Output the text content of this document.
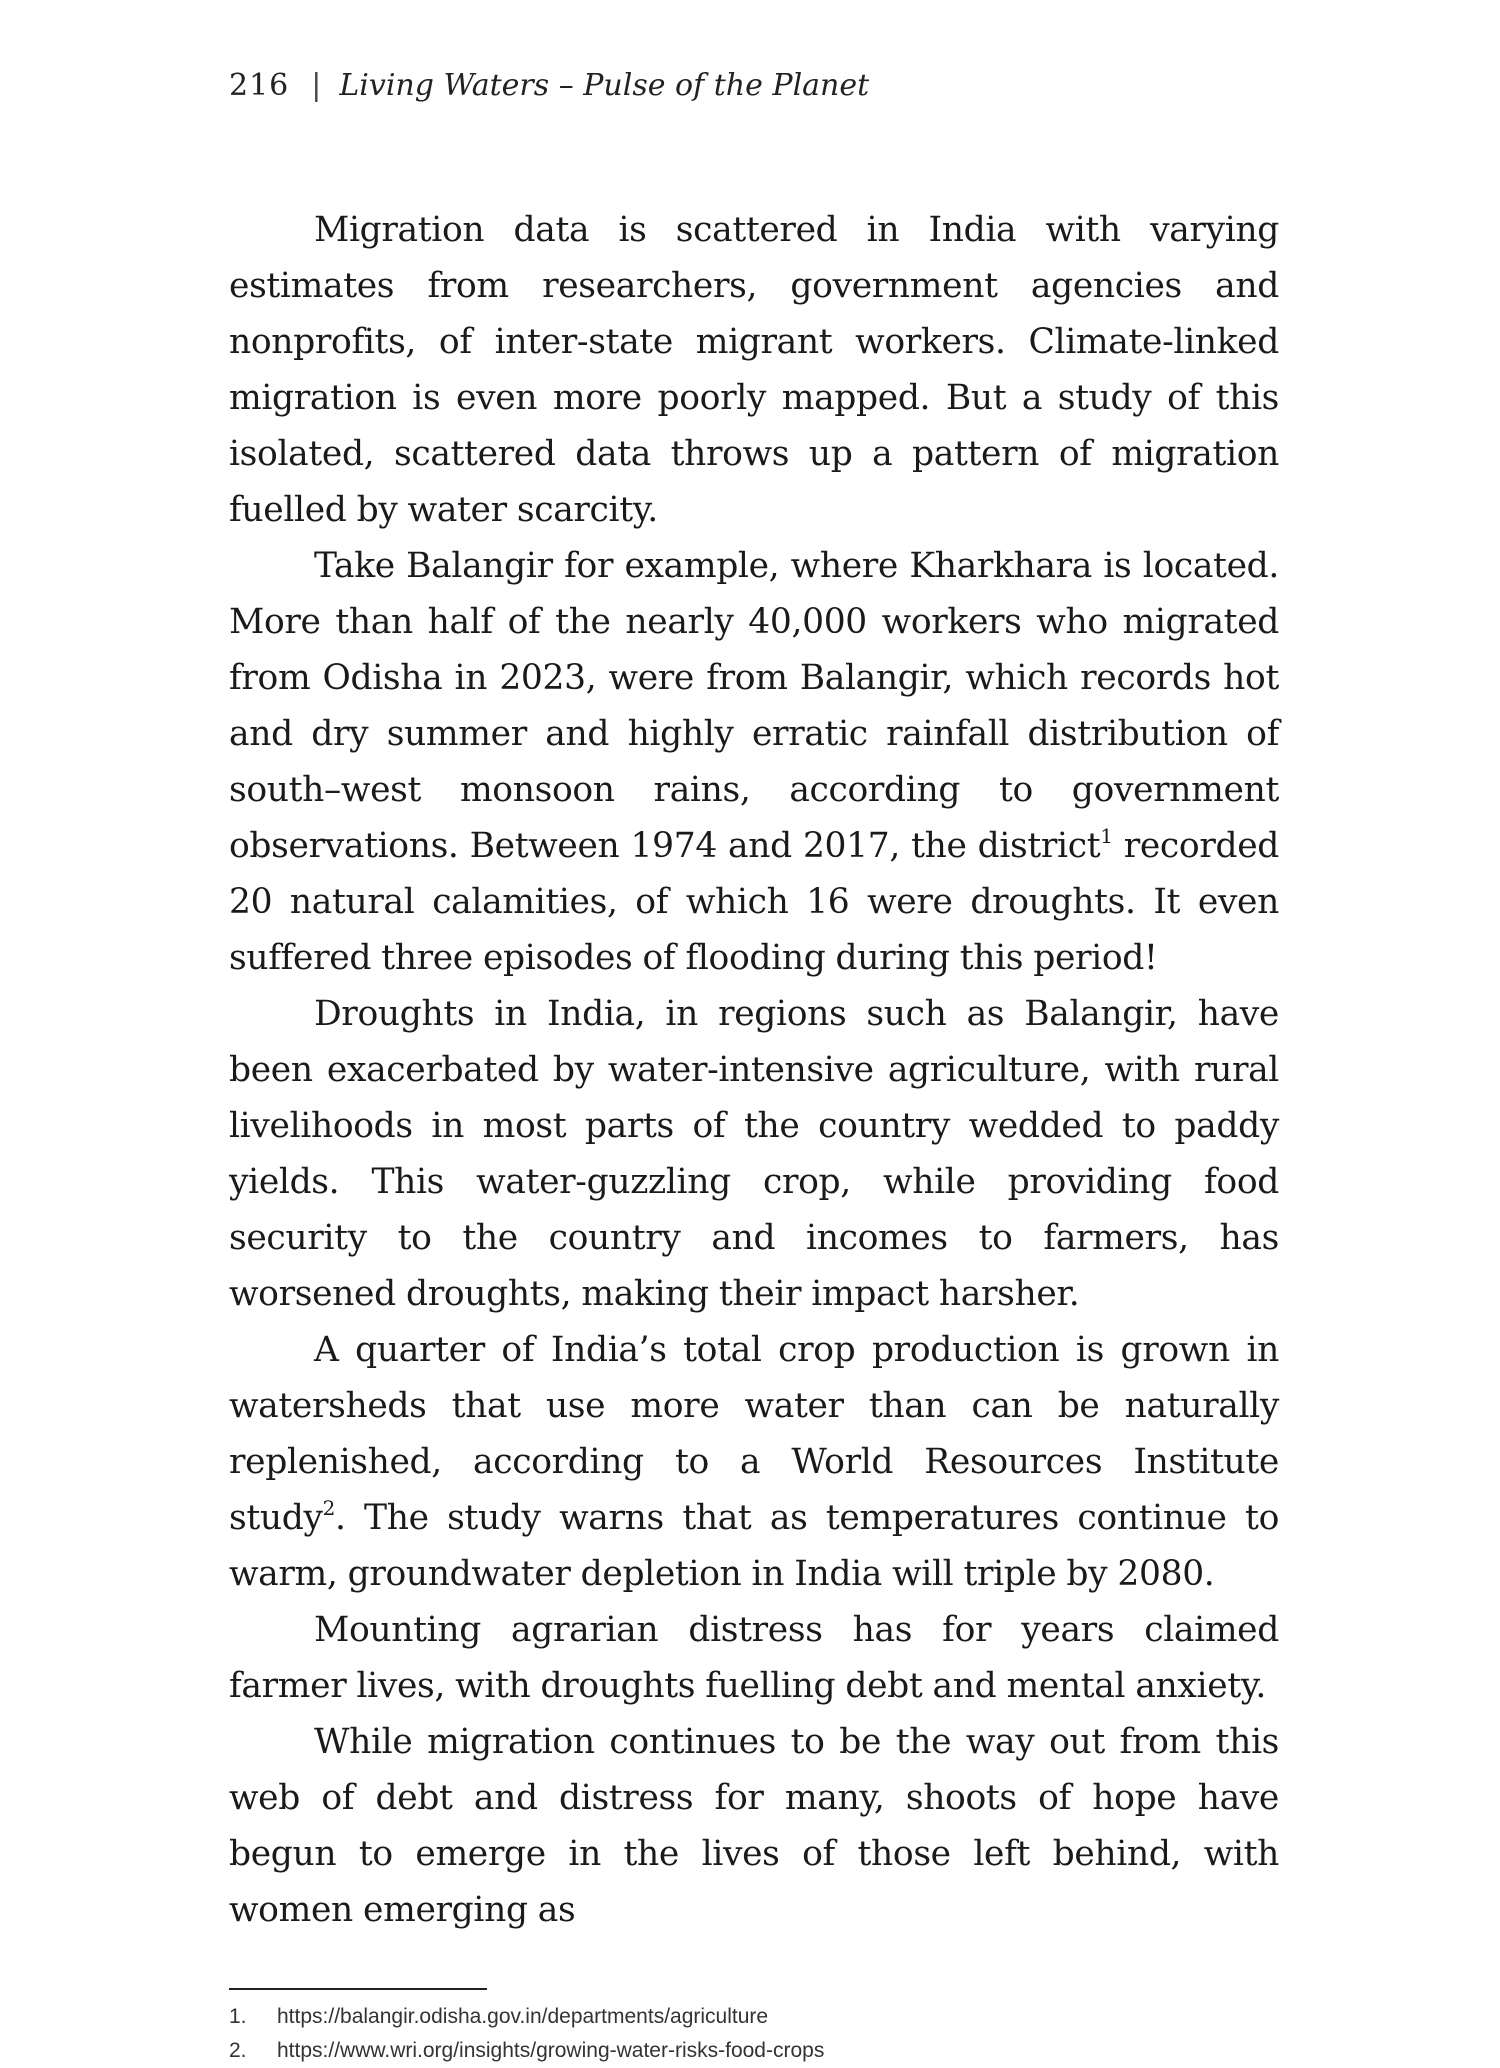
216 | Living Waters – Pulse of the Planet

Migration data is scattered in India with varying estimates from researchers, government agencies and nonprofits, of inter-state migrant workers. Climate-linked migration is even more poorly mapped. But a study of this isolated, scattered data throws up a pattern of migration fuelled by water scarcity.

Take Balangir for example, where Kharkhara is located. More than half of the nearly 40,000 workers who migrated from Odisha in 2023, were from Balangir, which records hot and dry summer and highly erratic rainfall distribution of south–west monsoon rains, according to government observations. Between 1974 and 2017, the district$^1$ recorded 20 natural calamities, of which 16 were droughts. It even suffered three episodes of flooding during this period!

Droughts in India, in regions such as Balangir, have been exacerbated by water-intensive agriculture, with rural livelihoods in most parts of the country wedded to paddy yields. This water-guzzling crop, while providing food security to the country and incomes to farmers, has worsened droughts, making their impact harsher.

A quarter of India’s total crop production is grown in watersheds that use more water than can be naturally replenished, according to a World Resources Institute study$^2$. The study warns that as temperatures continue to warm, groundwater depletion in India will triple by 2080.

Mounting agrarian distress has for years claimed farmer lives, with droughts fuelling debt and mental anxiety.

While migration continues to be the way out from this web of debt and distress for many, shoots of hope have begun to emerge in the lives of those left behind, with women emerging as

1. https://balangir.odisha.gov.in/departments/agriculture
2. https://www.wri.org/insights/growing-water-risks-food-crops
